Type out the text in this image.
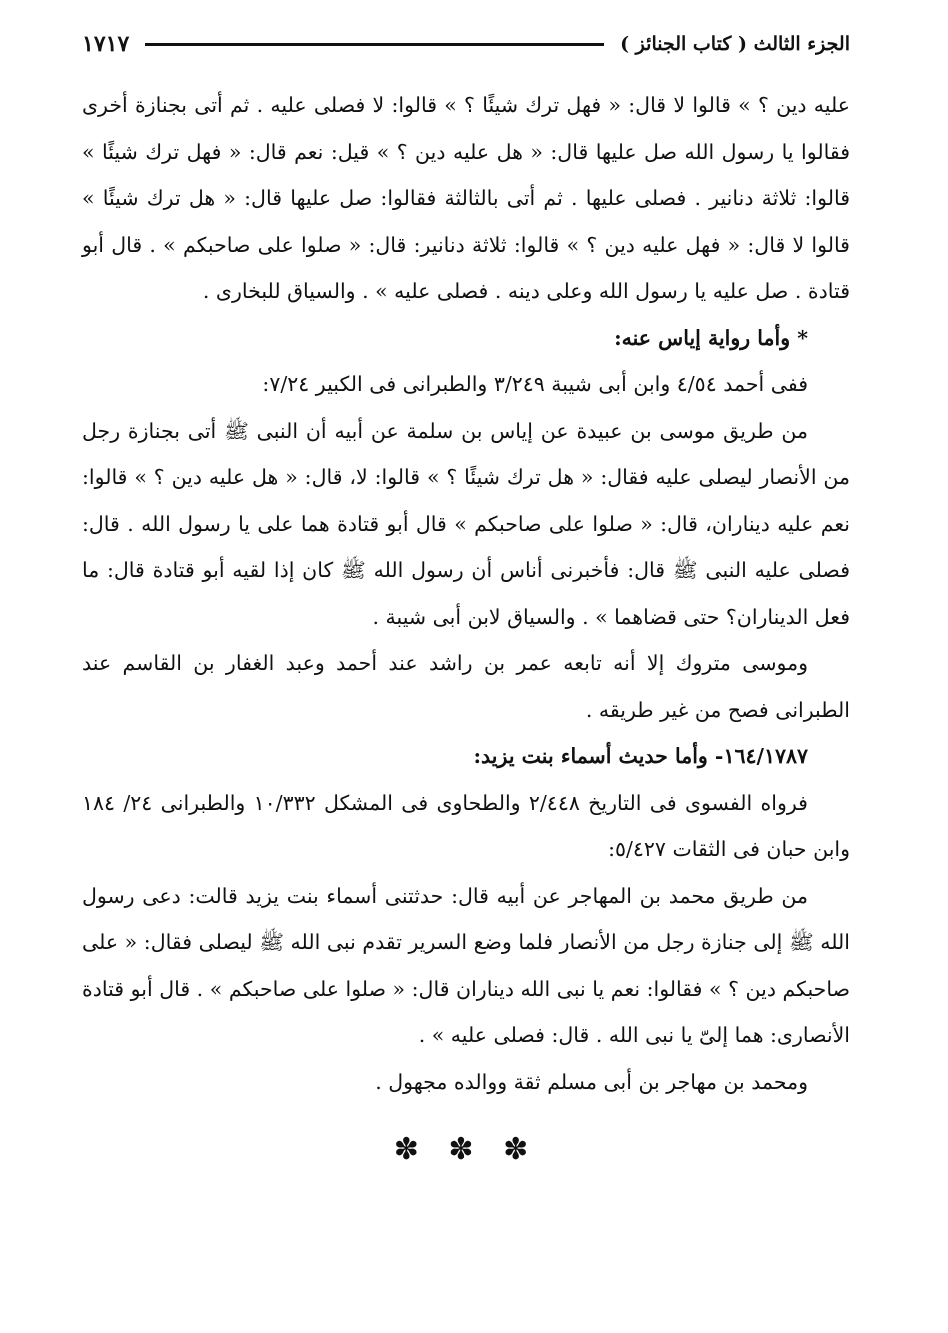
الجزء الثالث ( كتاب الجنائز )
١٧١٧

عليه دين ؟ » قالوا لا قال: « فهل ترك شيئًا ؟ » قالوا: لا فصلى عليه . ثم أتى بجنازة أخرى فقالوا يا رسول الله صل عليها قال: « هل عليه دين ؟ » قيل: نعم قال: « فهل ترك شيئًا » قالوا: ثلاثة دنانير . فصلى عليها . ثم أتى بالثالثة فقالوا: صل عليها قال: « هل ترك شيئًا » قالوا لا قال: « فهل عليه دين ؟ » قالوا: ثلاثة دنانير: قال: « صلوا على صاحبكم » . قال أبو قتادة . صل عليه يا رسول الله وعلى دينه . فصلى عليه » . والسياق للبخارى .

* وأما رواية إياس عنه:

ففى أحمد ٤/٥٤ وابن أبى شيبة ٣/٢٤٩ والطبرانى فى الكبير ٧/٢٤:

من طريق موسى بن عبيدة عن إياس بن سلمة عن أبيه أن النبى ﷺ أتى بجنازة رجل من الأنصار ليصلى عليه فقال: « هل ترك شيئًا ؟ » قالوا: لا، قال: « هل عليه دين ؟ » قالوا: نعم عليه ديناران، قال: « صلوا على صاحبكم » قال أبو قتادة هما على يا رسول الله . قال: فصلى عليه النبى ﷺ قال: فأخبرنى أناس أن رسول الله ﷺ كان إذا لقيه أبو قتادة قال: ما فعل الديناران؟ حتى قضاهما » . والسياق لابن أبى شيبة .

وموسى متروك إلا أنه تابعه عمر بن راشد عند أحمد وعبد الغفار بن القاسم عند الطبرانى فصح من غير طريقه .

١٦٤/١٧٨٧- وأما حديث أسماء بنت يزيد:

فرواه الفسوى فى التاريخ ٢/٤٤٨ والطحاوى فى المشكل ١٠/٣٣٢ والطبرانى ٢٤/ ١٨٤ وابن حبان فى الثقات ٥/٤٢٧:

من طريق محمد بن المهاجر عن أبيه قال: حدثتنى أسماء بنت يزيد قالت: دعى رسول الله ﷺ إلى جنازة رجل من الأنصار فلما وضع السرير تقدم نبى الله ﷺ ليصلى فقال: « على صاحبكم دين ؟ » فقالوا: نعم يا نبى الله ديناران قال: « صلوا على صاحبكم » . قال أبو قتادة الأنصارى: هما إلىّ يا نبى الله . قال: فصلى عليه » .

ومحمد بن مهاجر بن أبى مسلم ثقة ووالده مجهول .

✽ ✽ ✽
